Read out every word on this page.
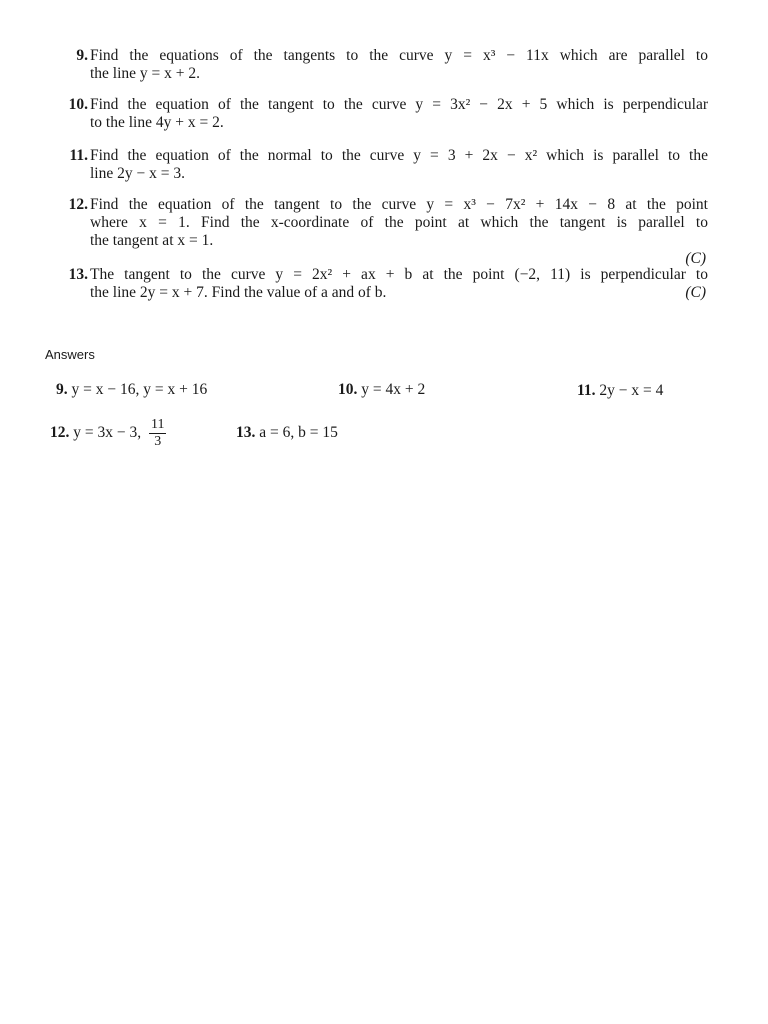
9. Find the equations of the tangents to the curve y = x³ − 11x which are parallel to
the line y = x + 2.
10. Find the equation of the tangent to the curve y = 3x² − 2x + 5 which is perpendicular
to the line 4y + x = 2.
11. Find the equation of the normal to the curve y = 3 + 2x − x² which is parallel to the
line 2y − x = 3.
12. Find the equation of the tangent to the curve y = x³ − 7x² + 14x − 8 at the point
where x = 1. Find the x-coordinate of the point at which the tangent is parallel to
the tangent at x = 1.
(C)
13. The tangent to the curve y = 2x² + ax + b at the point (−2, 11) is perpendicular to
the line 2y = x + 7. Find the value of a and of b.	(C)
Answers
9. y = x − 16, y = x + 16	10. y = 4x + 2	11. 2y − x = 4
12. y = 3x − 3, $\frac{11}{3}$	13. a = 6, b = 15
